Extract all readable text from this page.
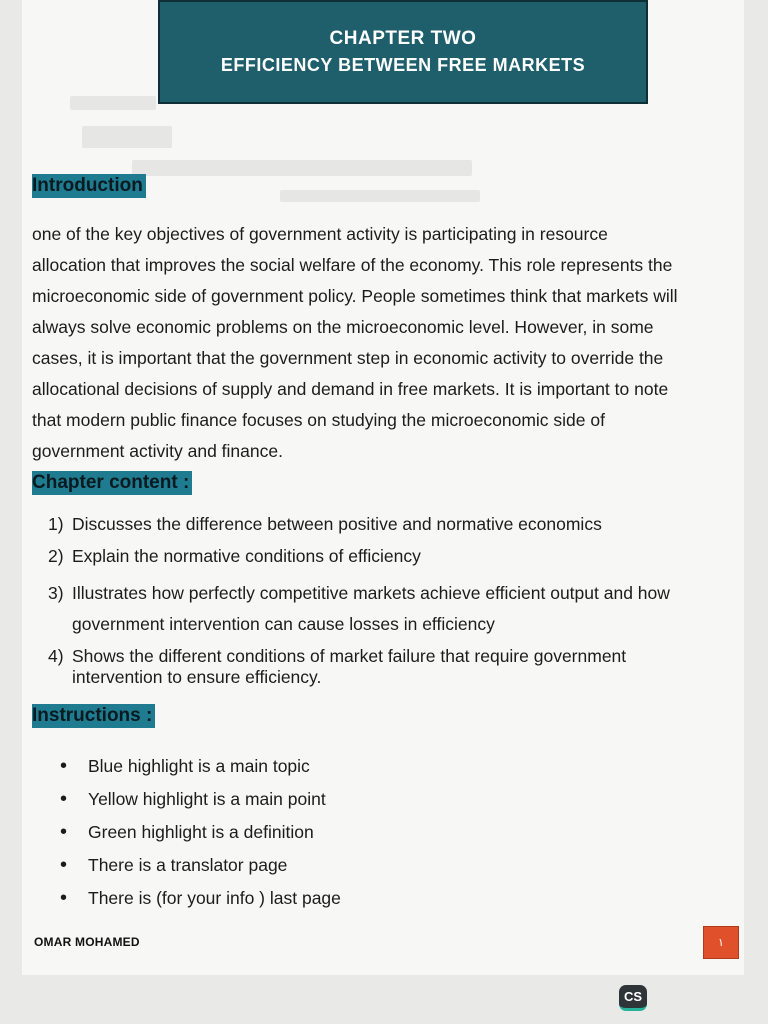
CHAPTER TWO
EFFICIENCY BETWEEN FREE MARKETS
Introduction

one of the key objectives of government activity is participating in resource

allocation that improves the social welfare of the economy. This role represents the

microeconomic side of government policy. People sometimes think that markets will

always solve economic problems on the microeconomic level. However, in some

cases, it is important that the government step in economic activity to override the

allocational decisions of supply and demand in free markets. It is important to note

that modern public finance focuses on studying the microeconomic side of

government activity and finance.

Chapter content :
1) Discusses the difference between positive and normative economics
2) Explain the normative conditions of efficiency
3) Illustrates how perfectly competitive markets achieve efficient output and how government intervention can cause losses in efficiency
4) Shows the different conditions of market failure that require government intervention to ensure efficiency.
Instructions :
•	Blue highlight is a main topic
•	Yellow highlight is a main point
•	Green highlight is a definition
•	There is a translator page
•	There is (for your info ) last page
OMAR MOHAMED	١
CS
